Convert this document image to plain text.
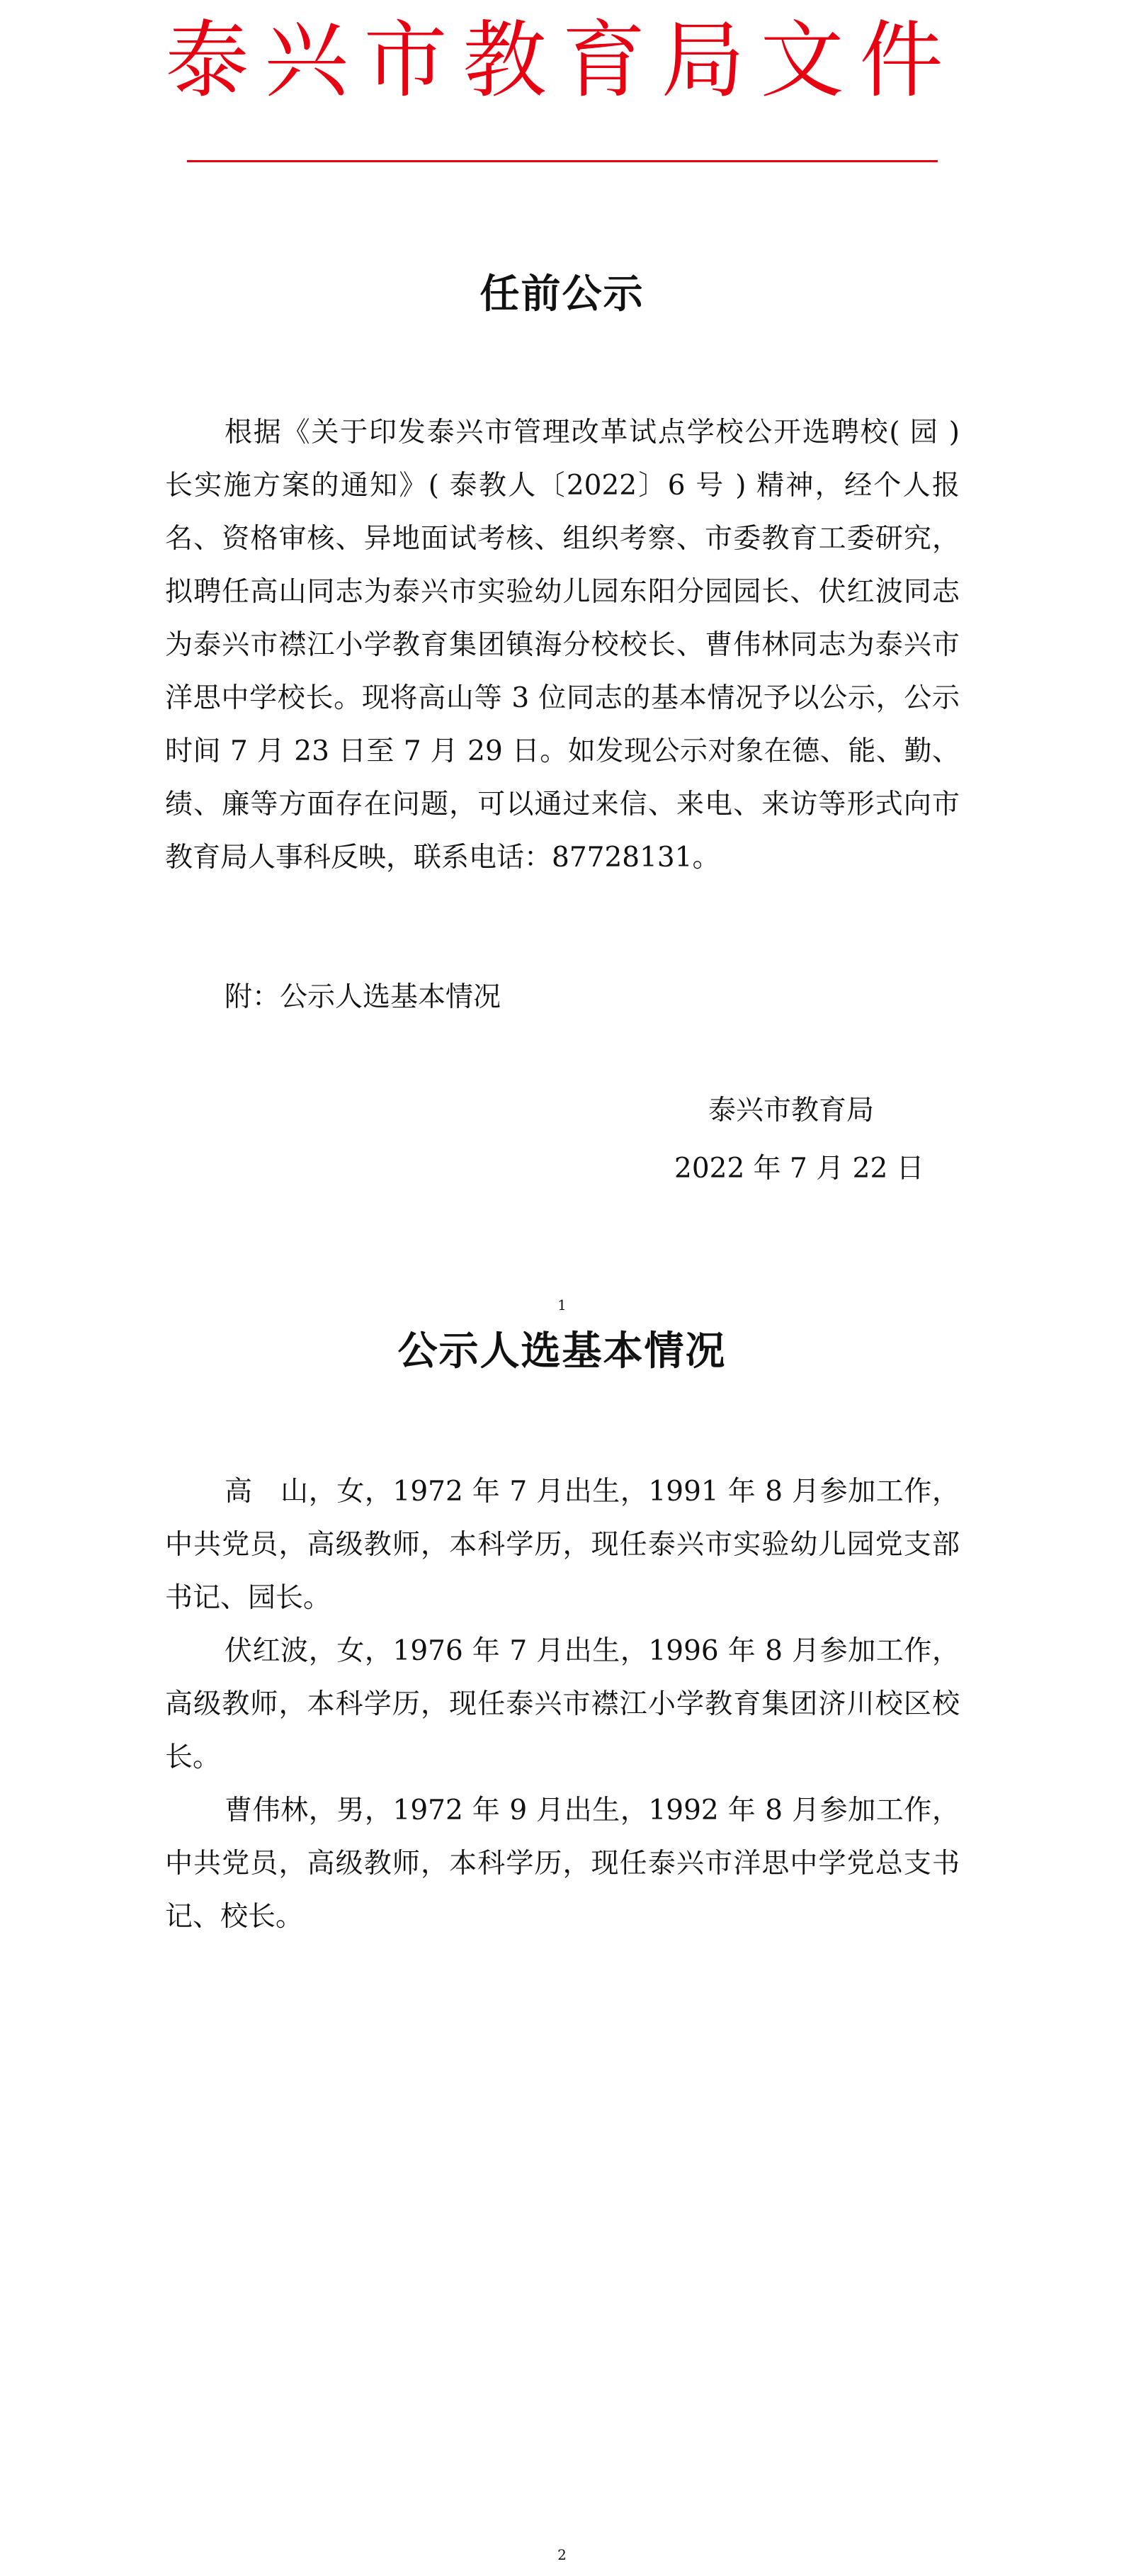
泰兴市教育局文件
任前公示

根据《关于印发泰兴市管理改革试点学校公开选聘校( 园 ) 长实施方案的通知》( 泰教人〔2022〕6 号 ) 精神，经个人报名、资格审核、异地面试考核、组织考察、市委教育工委研究，拟聘任高山同志为泰兴市实验幼儿园东阳分园园长、伏红波同志为泰兴市襟江小学教育集团镇海分校校长、曹伟林同志为泰兴市洋思中学校长。现将高山等 3 位同志的基本情况予以公示，公示时间 7 月 23 日至 7 月 29 日。如发现公示对象在德、能、勤、绩、廉等方面存在问题，可以通过来信、来电、来访等形式向市教育局人事科反映，联系电话：87728131。

附：公示人选基本情况
泰兴市教育局
2022 年 7 月 22 日
1
公示人选基本情况

高　山，女，1972 年 7 月出生，1991 年 8 月参加工作，中共党员，高级教师，本科学历，现任泰兴市实验幼儿园党支部书记、园长。

伏红波，女，1976 年 7 月出生，1996 年 8 月参加工作，高级教师，本科学历，现任泰兴市襟江小学教育集团济川校区校长。

曹伟林，男，1972 年 9 月出生，1992 年 8 月参加工作，中共党员，高级教师，本科学历，现任泰兴市洋思中学党总支书记、校长。

2
